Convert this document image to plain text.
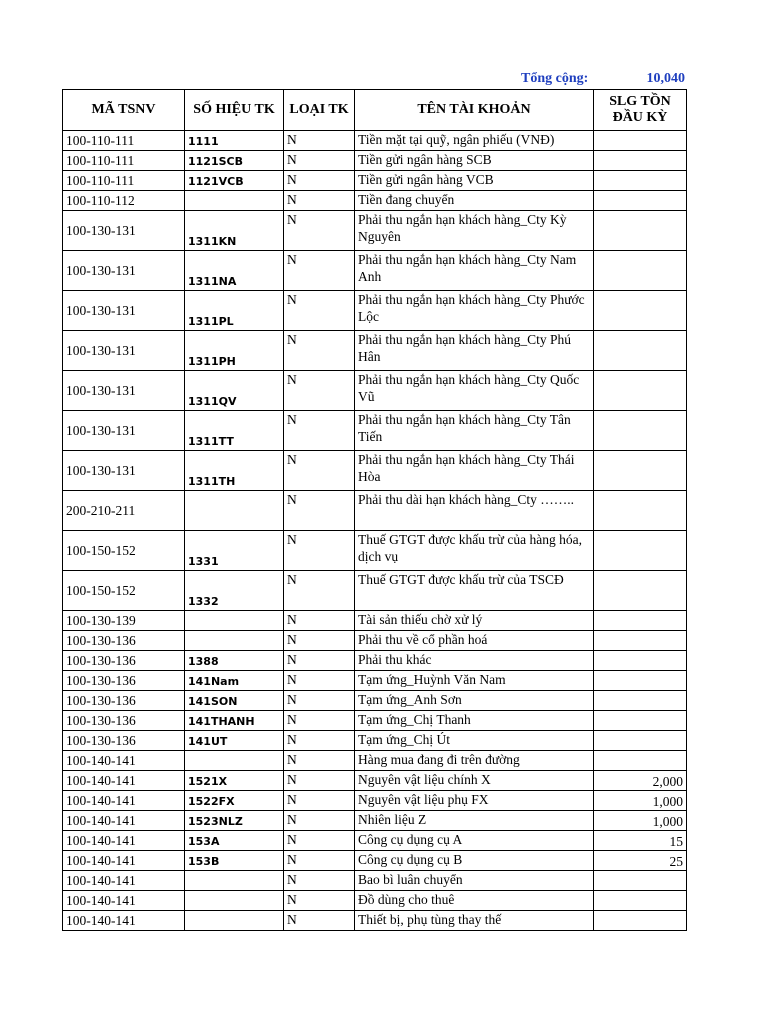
Tổng cộng:	10,040
MÃ TSNV	SỐ HIỆU TK	LOẠI TK	TÊN TÀI KHOẢN	SLG TỒN ĐẦU KỲ
100-110-111	1111	N	Tiền mặt tại quỹ, ngân phiếu (VNĐ)	
100-110-111	1121SCB	N	Tiền gửi ngân hàng SCB	
100-110-111	1121VCB	N	Tiền gửi ngân hàng VCB	
100-110-112		N	Tiền đang chuyển	
100-130-131	1311KN	N	Phải thu ngắn hạn khách hàng_Cty Kỳ Nguyên	
100-130-131	1311NA	N	Phải thu ngắn hạn khách hàng_Cty Nam Anh	
100-130-131	1311PL	N	Phải thu ngắn hạn khách hàng_Cty Phước Lộc	
100-130-131	1311PH	N	Phải thu ngắn hạn khách hàng_Cty Phú Hân	
100-130-131	1311QV	N	Phải thu ngắn hạn khách hàng_Cty Quốc Vũ	
100-130-131	1311TT	N	Phải thu ngắn hạn khách hàng_Cty Tân Tiến	
100-130-131	1311TH	N	Phải thu ngắn hạn khách hàng_Cty Thái Hòa	
200-210-211		N	Phải thu dài hạn khách hàng_Cty ……..	
100-150-152	1331	N	Thuế GTGT được khấu trừ của hàng hóa, dịch vụ	
100-150-152	1332	N	Thuế GTGT được khấu trừ của TSCĐ	
100-130-139		N	Tài sản thiếu chờ xử lý	
100-130-136		N	Phải thu về cổ phần hoá	
100-130-136	1388	N	Phải thu khác	
100-130-136	141Nam	N	Tạm ứng_Huỳnh Văn Nam	
100-130-136	141SON	N	Tạm ứng_Anh Sơn	
100-130-136	141THANH	N	Tạm ứng_Chị Thanh	
100-130-136	141UT	N	Tạm ứng_Chị Út	
100-140-141		N	Hàng mua đang đi trên đường	
100-140-141	1521X	N	Nguyên vật liệu chính X	2,000
100-140-141	1522FX	N	Nguyên vật liệu phụ FX	1,000
100-140-141	1523NLZ	N	Nhiên liệu Z	1,000
100-140-141	153A	N	Công cụ dụng cụ A	15
100-140-141	153B	N	Công cụ dụng cụ B	25
100-140-141		N	Bao bì luân chuyển	
100-140-141		N	Đồ dùng cho thuê	
100-140-141		N	Thiết bị, phụ tùng thay thế	
